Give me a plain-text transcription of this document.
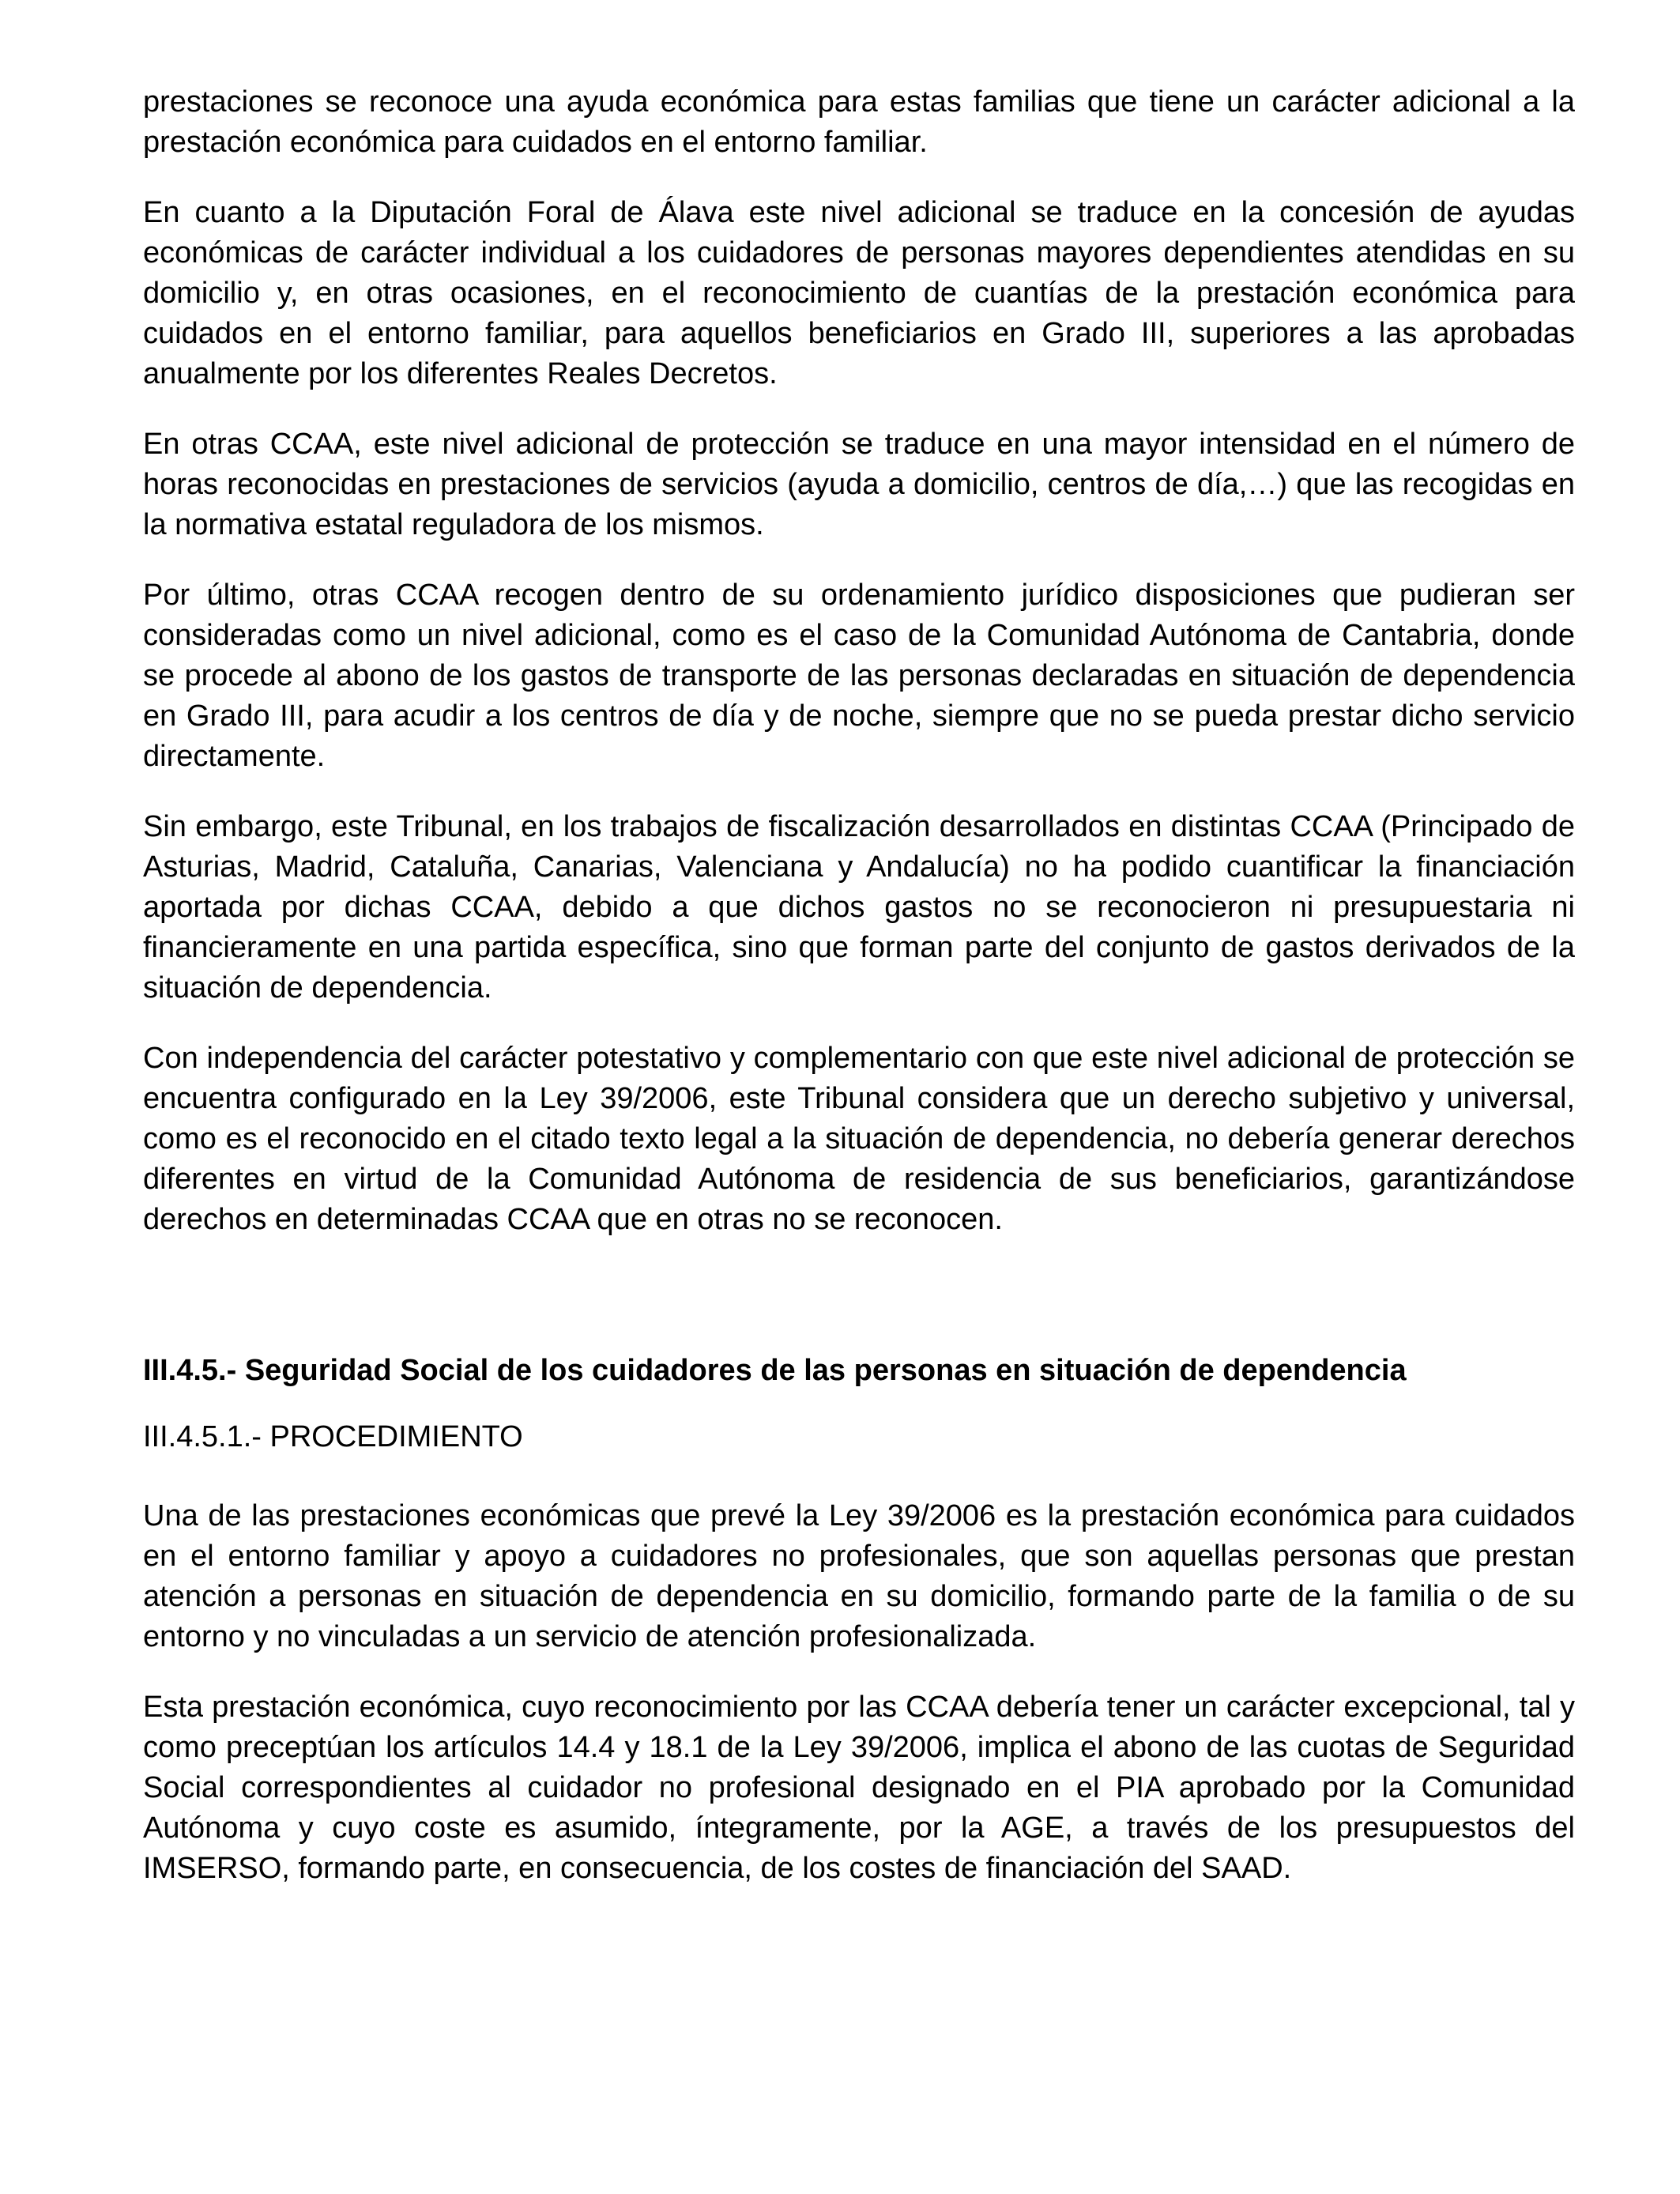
prestaciones se reconoce una ayuda económica para estas familias que tiene un carácter adicional a la prestación económica para cuidados en el entorno familiar.

En cuanto a la Diputación Foral de Álava este nivel adicional se traduce en la concesión de ayudas económicas de carácter individual a los cuidadores de personas mayores dependientes atendidas en su domicilio y, en otras ocasiones, en el reconocimiento de cuantías de la prestación económica para cuidados en el entorno familiar, para aquellos beneficiarios en Grado III, superiores a las aprobadas anualmente por los diferentes Reales Decretos.

En otras CCAA, este nivel adicional de protección se traduce en una mayor intensidad en el número de horas reconocidas en prestaciones de servicios (ayuda a domicilio, centros de día,…) que las recogidas en la normativa estatal reguladora de los mismos.

Por último, otras CCAA recogen dentro de su ordenamiento jurídico disposiciones que pudieran ser consideradas como un nivel adicional, como es el caso de la Comunidad Autónoma de Cantabria, donde se procede al abono de los gastos de transporte de las personas declaradas en situación de dependencia en Grado III, para acudir a los centros de día y de noche, siempre que no se pueda prestar dicho servicio directamente.

Sin embargo, este Tribunal, en los trabajos de fiscalización desarrollados en distintas CCAA (Principado de Asturias, Madrid, Cataluña, Canarias, Valenciana y Andalucía) no ha podido cuantificar la financiación aportada por dichas CCAA, debido a que dichos gastos no se reconocieron ni presupuestaria ni financieramente en una partida específica, sino que forman parte del conjunto de gastos derivados de la situación de dependencia.

Con independencia del carácter potestativo y complementario con que este nivel adicional de protección se encuentra configurado en la Ley 39/2006, este Tribunal considera que un derecho subjetivo y universal, como es el reconocido en el citado texto legal a la situación de dependencia, no debería generar derechos diferentes en virtud de la Comunidad Autónoma de residencia de sus beneficiarios, garantizándose derechos en determinadas CCAA que en otras no se reconocen.

III.4.5.- Seguridad Social de los cuidadores de las personas en situación de dependencia
III.4.5.1.- PROCEDIMIENTO

Una de las prestaciones económicas que prevé la Ley 39/2006 es la prestación económica para cuidados en el entorno familiar y apoyo a cuidadores no profesionales, que son aquellas personas que prestan atención a personas en situación de dependencia en su domicilio, formando parte de la familia o de su entorno y no vinculadas a un servicio de atención profesionalizada.

Esta prestación económica, cuyo reconocimiento por las CCAA debería tener un carácter excepcional, tal y como preceptúan los artículos 14.4 y 18.1 de la Ley 39/2006, implica el abono de las cuotas de Seguridad Social correspondientes al cuidador no profesional designado en el PIA aprobado por la Comunidad Autónoma y cuyo coste es asumido, íntegramente, por la AGE, a través de los presupuestos del IMSERSO, formando parte, en consecuencia, de los costes de financiación del SAAD.
